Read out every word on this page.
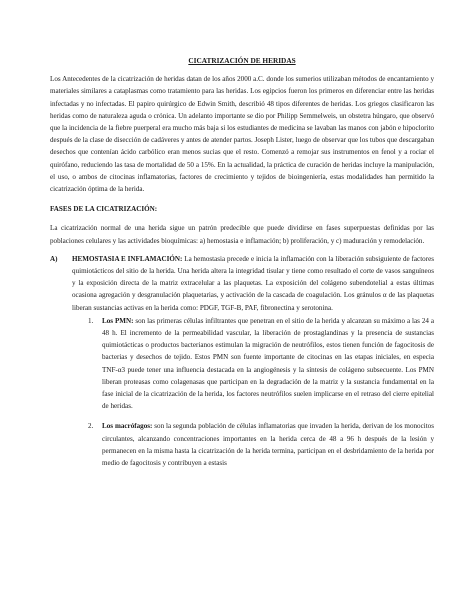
CICATRIZACIÓN DE HERIDAS

Los Antecedentes de la cicatrización de heridas datan de los años 2000 a.C. donde los sumerios utilizaban métodos de encantamiento y materiales similares a cataplasmas como tratamiento para las heridas. Los egipcios fueron los primeros en diferenciar entre las heridas infectadas y no infectadas. El papiro quirúrgico de Edwin Smith, describió 48 tipos diferentes de heridas. Los griegos clasificaron las heridas como de naturaleza aguda o crónica. Un adelanto importante se dio por Philipp Semmelweis, un obstetra húngaro, que observó que la incidencia de la fiebre puerperal era mucho más baja si los estudiantes de medicina se lavaban las manos con jabón e hipoclorito después de la clase de disección de cadáveres y antes de atender partos. Joseph Lister, luego de observar que los tubos que descargaban desechos que contenían ácido carbólico eran menos sucias que el resto. Comenzó a remojar sus instrumentos en fenol y a rociar el quirófano, reduciendo las tasa de mortalidad de 50 a 15%. En la actualidad, la práctica de curación de heridas incluye la manipulación, el uso, o ambos de citocinas inflamatorias, factores de crecimiento y tejidos de bioingeniería, estas modalidades han permitido la cicatrización óptima de la herida.

FASES DE LA CICATRIZACIÓN:

La cicatrización normal de una herida sigue un patrón predecible que puede dividirse en fases superpuestas definidas por las poblaciones celulares y las actividades bioquímicas: a) hemostasia e inflamación; b) proliferación, y c) maduración y remodelación.

A) HEMOSTASIA E INFLAMACIÓN: La hemostasia precede e inicia la inflamación con la liberación subsiguiente de factores quimiotácticos del sitio de la herida. Una herida altera la integridad tisular y tiene como resultado el corte de vasos sanguíneos y la exposición directa de la matriz extracelular a las plaquetas. La exposición del colágeno subendotelial a estas últimas ocasiona agregación y desgranulación plaquetarias, y activación de la cascada de coagulación. Los gránulos α de las plaquetas liberan sustancias activas en la herida como: PDGF, TGF-B, PAF, fibronectina y serotonina.

1. Los PMN: son las primeras células infiltrantes que penetran en el sitio de la herida y alcanzan su máximo a las 24 a 48 h. El incremento de la permeabilidad vascular, la liberación de prostaglandinas y la presencia de sustancias quimiotácticas o productos bacterianos estimulan la migración de neutrófilos, estos tienen función de fagocitosis de bacterias y desechos de tejido. Estos PMN son fuente importante de citocinas en las etapas iniciales, en especia TNF-α3 puede tener una influencia destacada en la angiogénesis y la síntesis de colágeno subsecuente. Los PMN liberan proteasas como colagenasas que participan en la degradación de la matriz y la sustancia fundamental en la fase inicial de la cicatrización de la herida, los factores neutrófilos suelen implicarse en el retraso del cierre epitelial de heridas.

2. Los macrófagos: son la segunda población de células inflamatorias que invaden la herida, derivan de los monocitos circulantes, alcanzando concentraciones importantes en la herida cerca de 48 a 96 h después de la lesión y permanecen en la misma hasta la cicatrización de la herida termina, participan en el desbridamiento de la herida por medio de fagocitosis y contribuyen a estasis
